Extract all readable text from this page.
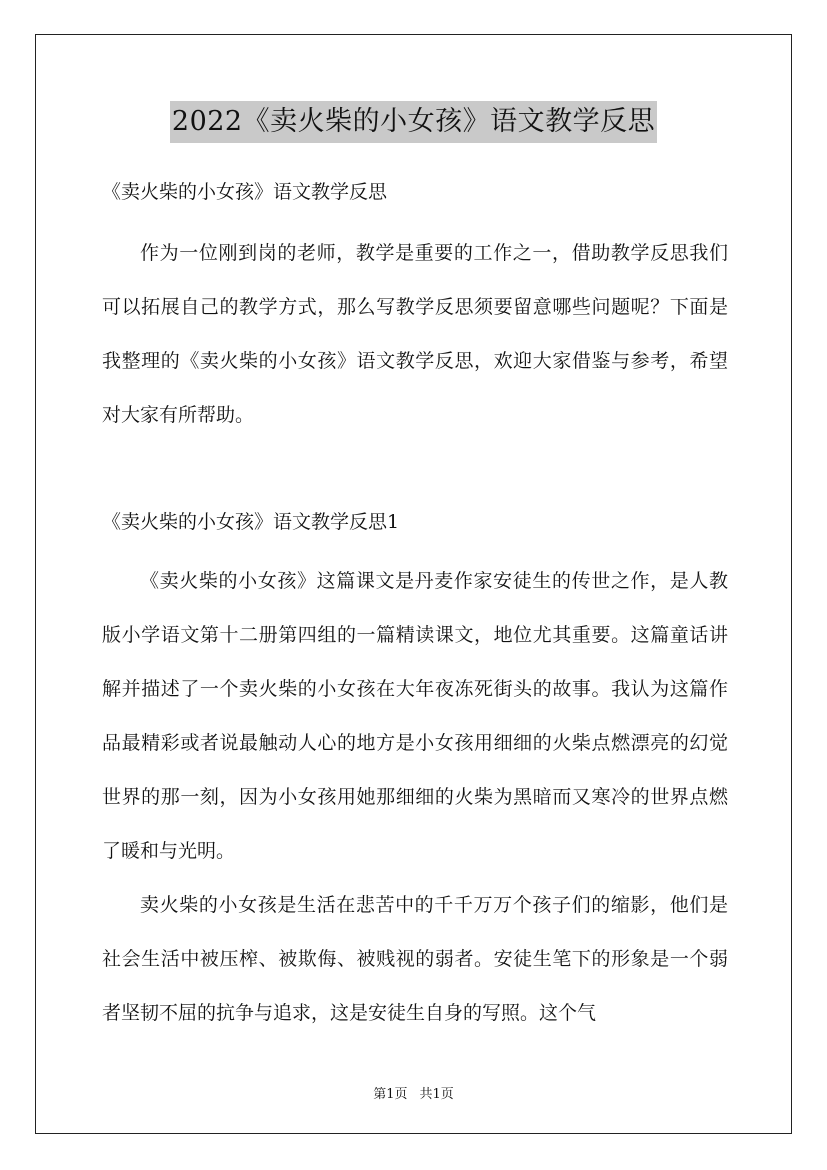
2022《卖火柴的小女孩》语文教学反思
《卖火柴的小女孩》语文教学反思

作为一位刚到岗的老师，教学是重要的工作之一，借助教学反思我们可以拓展自己的教学方式，那么写教学反思须要留意哪些问题呢？下面是我整理的《卖火柴的小女孩》语文教学反思，欢迎大家借鉴与参考，希望对大家有所帮助。

《卖火柴的小女孩》语文教学反思1

《卖火柴的小女孩》这篇课文是丹麦作家安徒生的传世之作，是人教版小学语文第十二册第四组的一篇精读课文，地位尤其重要。这篇童话讲解并描述了一个卖火柴的小女孩在大年夜冻死街头的故事。我认为这篇作品最精彩或者说最触动人心的地方是小女孩用细细的火柴点燃漂亮的幻觉世界的那一刻，因为小女孩用她那细细的火柴为黑暗而又寒冷的世界点燃了暖和与光明。

卖火柴的小女孩是生活在悲苦中的千千万万个孩子们的缩影，他们是社会生活中被压榨、被欺侮、被贱视的弱者。安徒生笔下的形象是一个弱者坚韧不屈的抗争与追求，这是安徒生自身的写照。这个气

第1页 共1页
